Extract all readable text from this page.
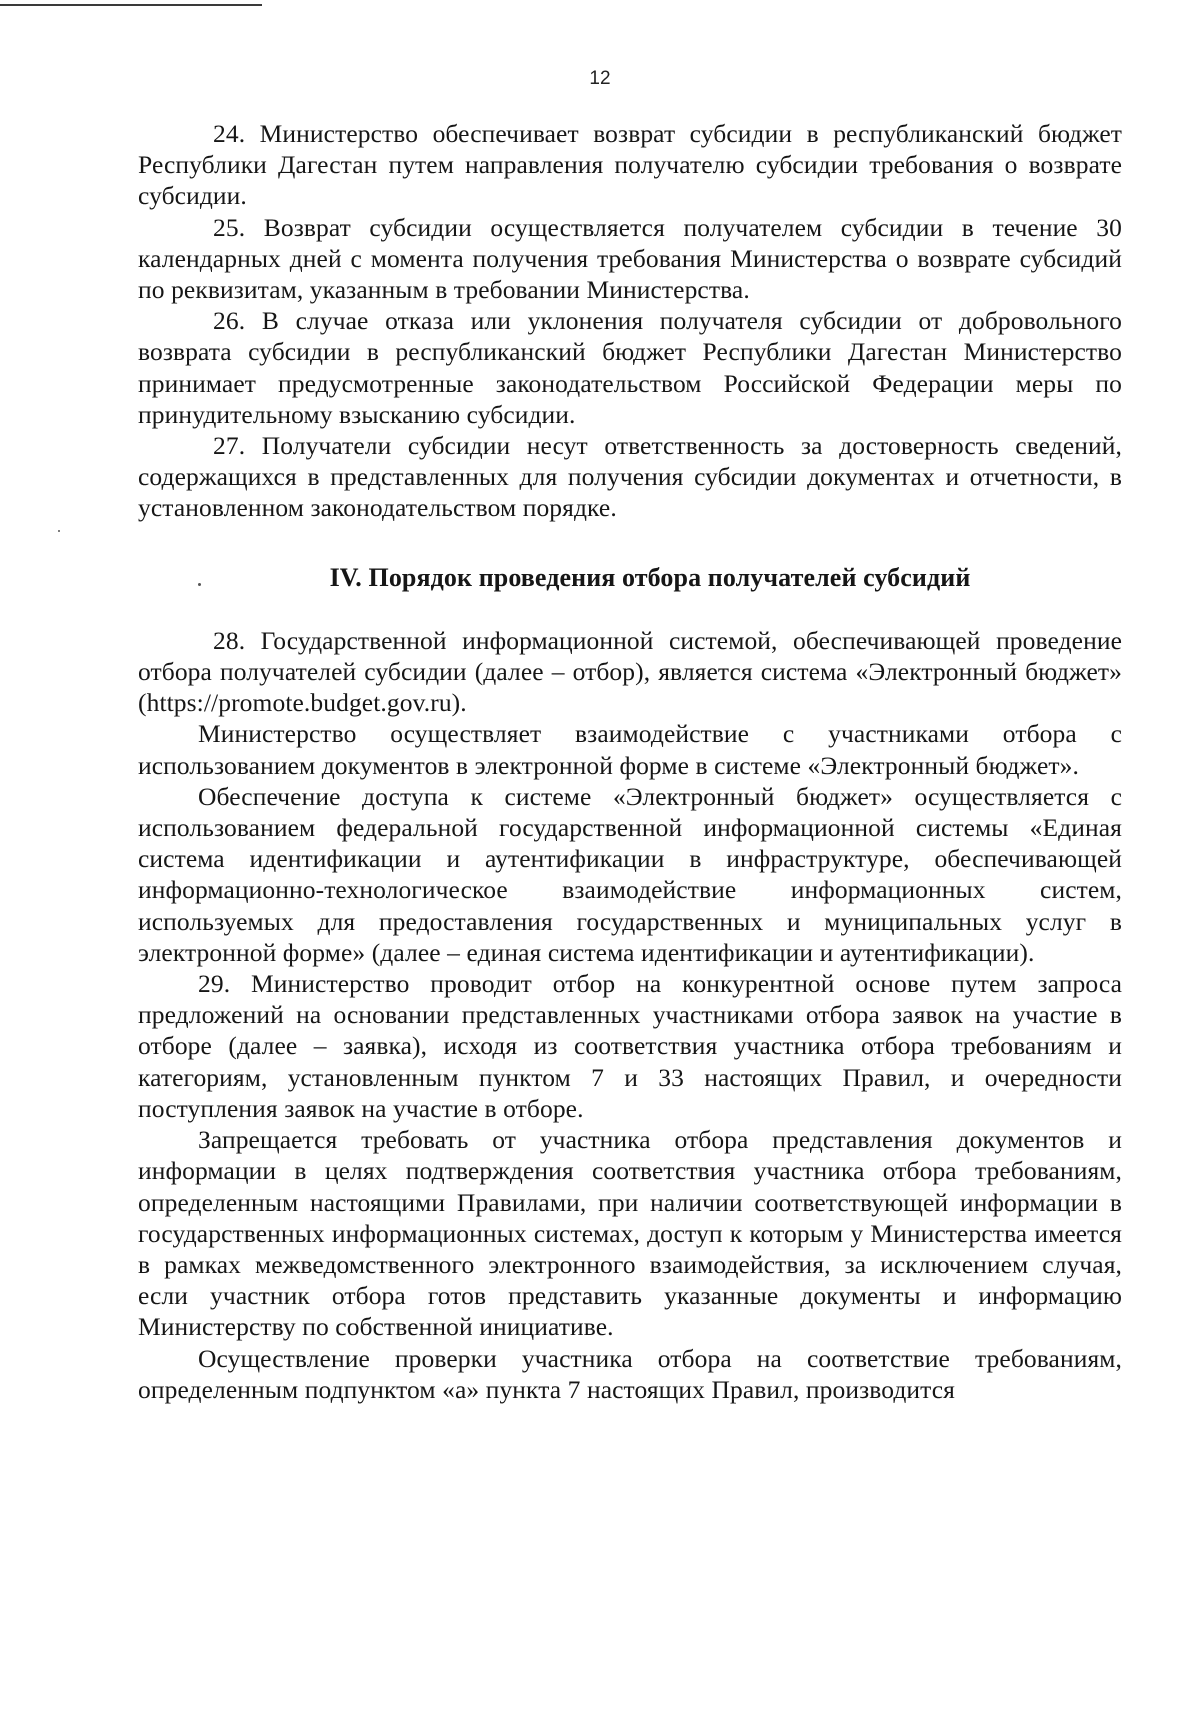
12

24. Министерство обеспечивает возврат субсидии в республиканский бюджет Республики Дагестан путем направления получателю субсидии требования о возврате субсидии.

25. Возврат субсидии осуществляется получателем субсидии в течение 30 календарных дней с момента получения требования Министерства о возврате субсидий по реквизитам, указанным в требовании Министерства.

26. В случае отказа или уклонения получателя субсидии от добровольного возврата субсидии в республиканский бюджет Республики Дагестан Министерство принимает предусмотренные законодательством Российской Федерации меры по принудительному взысканию субсидии.

27. Получатели субсидии несут ответственность за достоверность сведений, содержащихся в представленных для получения субсидии документах и отчетности, в установленном законодательством порядке.

IV. Порядок проведения отбора получателей субсидий

28. Государственной информационной системой, обеспечивающей проведение отбора получателей субсидии (далее – отбор), является система «Электронный бюджет» (https://promote.budget.gov.ru).

Министерство осуществляет взаимодействие с участниками отбора с использованием документов в электронной форме в системе «Электронный бюджет».

Обеспечение доступа к системе «Электронный бюджет» осуществляется с использованием федеральной государственной информационной системы «Единая система идентификации и аутентификации в инфраструктуре, обеспечивающей информационно-технологическое взаимодействие информационных систем, используемых для предоставления государственных и муниципальных услуг в электронной форме» (далее – единая система идентификации и аутентификации).

29. Министерство проводит отбор на конкурентной основе путем запроса предложений на основании представленных участниками отбора заявок на участие в отборе (далее – заявка), исходя из соответствия участника отбора требованиям и категориям, установленным пунктом 7 и 33 настоящих Правил, и очередности поступления заявок на участие в отборе.

Запрещается требовать от участника отбора представления документов и информации в целях подтверждения соответствия участника отбора требованиям, определенным настоящими Правилами, при наличии соответствующей информации в государственных информационных системах, доступ к которым у Министерства имеется в рамках межведомственного электронного взаимодействия, за исключением случая, если участник отбора готов представить указанные документы и информацию Министерству по собственной инициативе.

Осуществление проверки участника отбора на соответствие требованиям, определенным подпунктом «а» пункта 7 настоящих Правил, производится
